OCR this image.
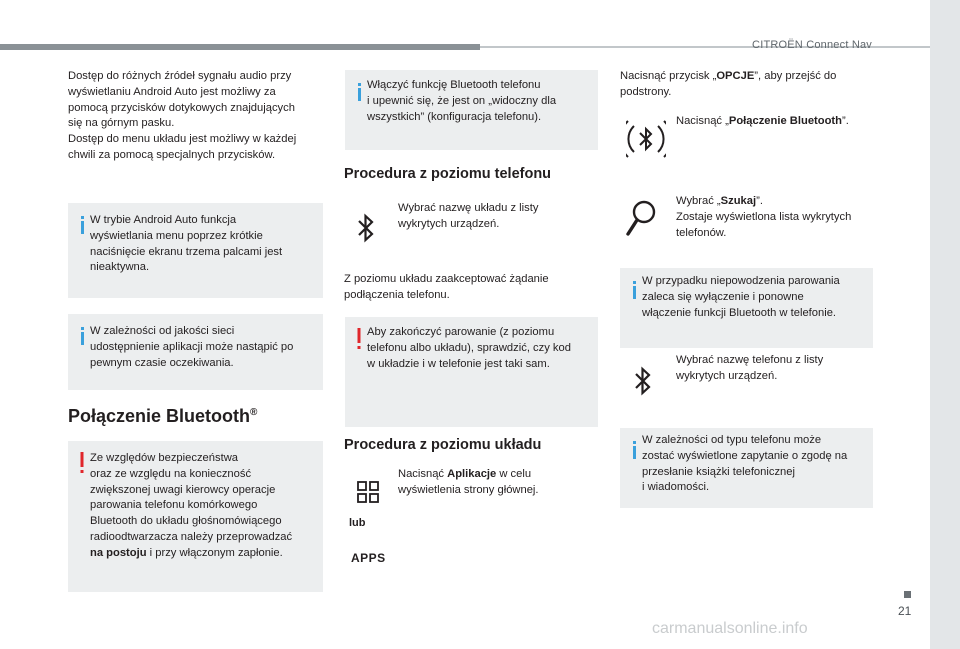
CITROËN Connect Nav
21
carmanualsonline.info
Dostęp do różnych źródeł sygnału audio przy
wyświetlaniu Android Auto jest możliwy za
pomocą przycisków dotykowych znajdujących
się na górnym pasku.
Dostęp do menu układu jest możliwy w każdej
chwili za pomocą specjalnych przycisków.
W trybie Android Auto funkcja
wyświetlania menu poprzez krótkie
naciśnięcie ekranu trzema palcami jest
nieaktywna.
W zależności od jakości sieci
udostępnienie aplikacji może nastąpić po
pewnym czasie oczekiwania.
Połączenie Bluetooth®
Ze względów bezpieczeństwa
oraz ze względu na konieczność
zwiększonej uwagi kierowcy operacje
parowania telefonu komórkowego
Bluetooth do układu głośnomówiącego
radioodtwarzacza należy przeprowadzać
na postoju i przy włączonym zapłonie.
Włączyć funkcję Bluetooth telefonu
i upewnić się, że jest on „widoczny dla
wszystkich” (konfiguracja telefonu).
Procedura z poziomu telefonu
Wybrać nazwę układu z listy
wykrytych urządzeń.
Z poziomu układu zaakceptować żądanie
podłączenia telefonu.
Aby zakończyć parowanie (z poziomu
telefonu albo układu), sprawdzić, czy kod
w układzie i w telefonie jest taki sam.
Procedura z poziomu układu
Nacisnąć Aplikacje w celu
wyświetlenia strony głównej.
lub
APPS
Nacisnąć przycisk „OPCJE”, aby przejść do
podstrony.
Nacisnąć „Połączenie Bluetooth”.
Wybrać „Szukaj”.
Zostaje wyświetlona lista wykrytych
telefonów.
W przypadku niepowodzenia parowania
zaleca się wyłączenie i ponowne
włączenie funkcji Bluetooth w telefonie.
Wybrać nazwę telefonu z listy
wykrytych urządzeń.
W zależności od typu telefonu może
zostać wyświetlone zapytanie o zgodę na
przesłanie książki telefonicznej
i wiadomości.
